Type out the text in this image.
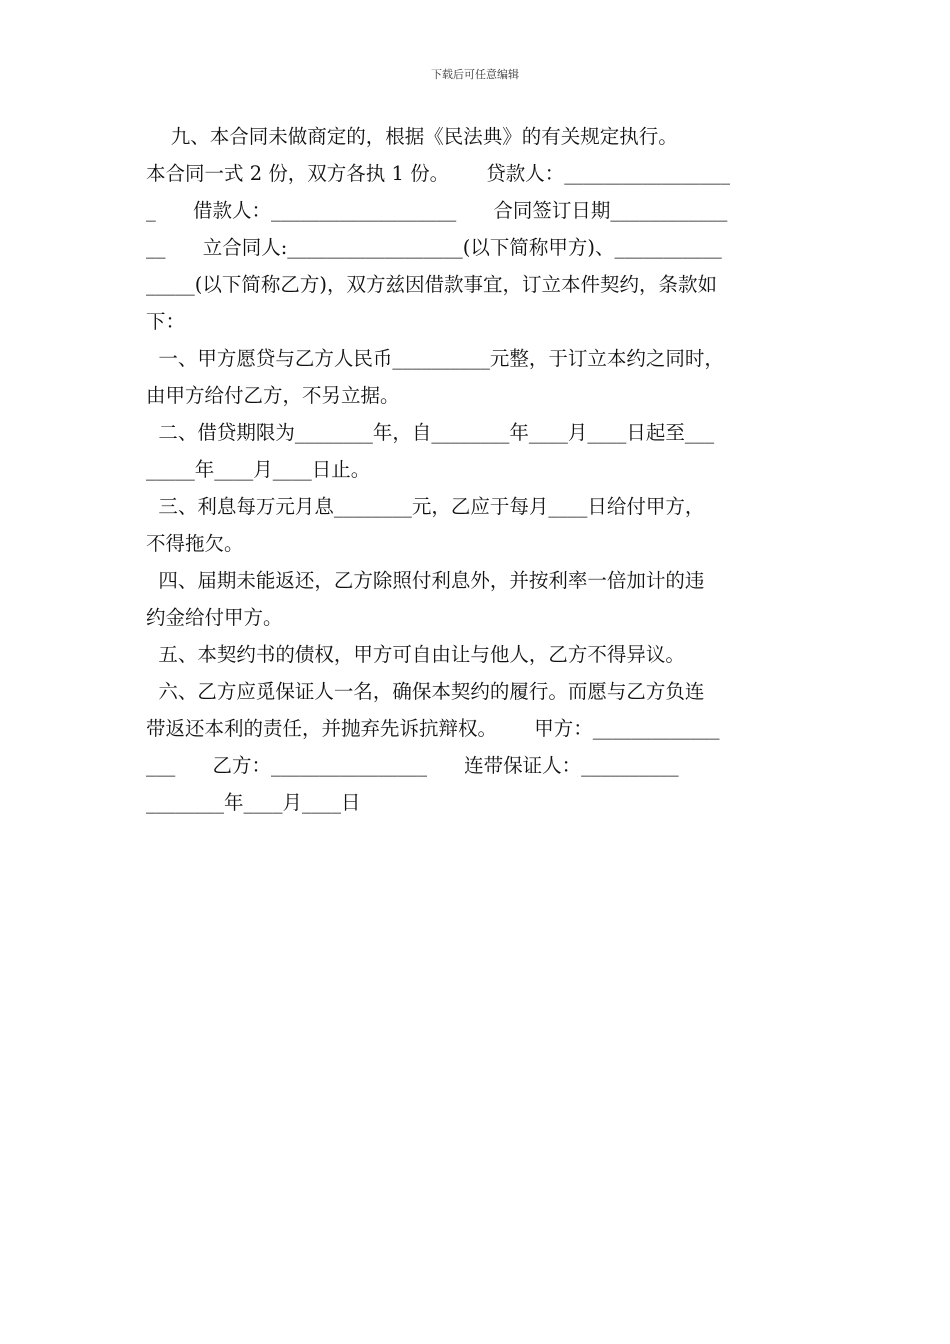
下载后可任意编辑
九、本合同未做商定的，根据《民法典》的有关规定执行。
本合同一式 2 份，双方各执 1 份。      贷款人：_________________
_      借款人：___________________      合同签订日期____________
__      立合同人:__________________(以下简称甲方)、___________
_____(以下简称乙方)，双方兹因借款事宜，订立本件契约，条款如
下：
一、甲方愿贷与乙方人民币__________元整，于订立本约之同时，
由甲方给付乙方，不另立据。
二、借贷期限为________年，自________年____月____日起至___
_____年____月____日止。
三、利息每万元月息________元，乙应于每月____日给付甲方，
不得拖欠。
四、届期未能返还，乙方除照付利息外，并按利率一倍加计的违
约金给付甲方。
五、本契约书的债权，甲方可自由让与他人，乙方不得异议。
六、乙方应觅保证人一名，确保本契约的履行。而愿与乙方负连
带返还本利的责任，并抛弃先诉抗辩权。      甲方：_____________
___      乙方：________________      连带保证人：__________
________年____月____日
